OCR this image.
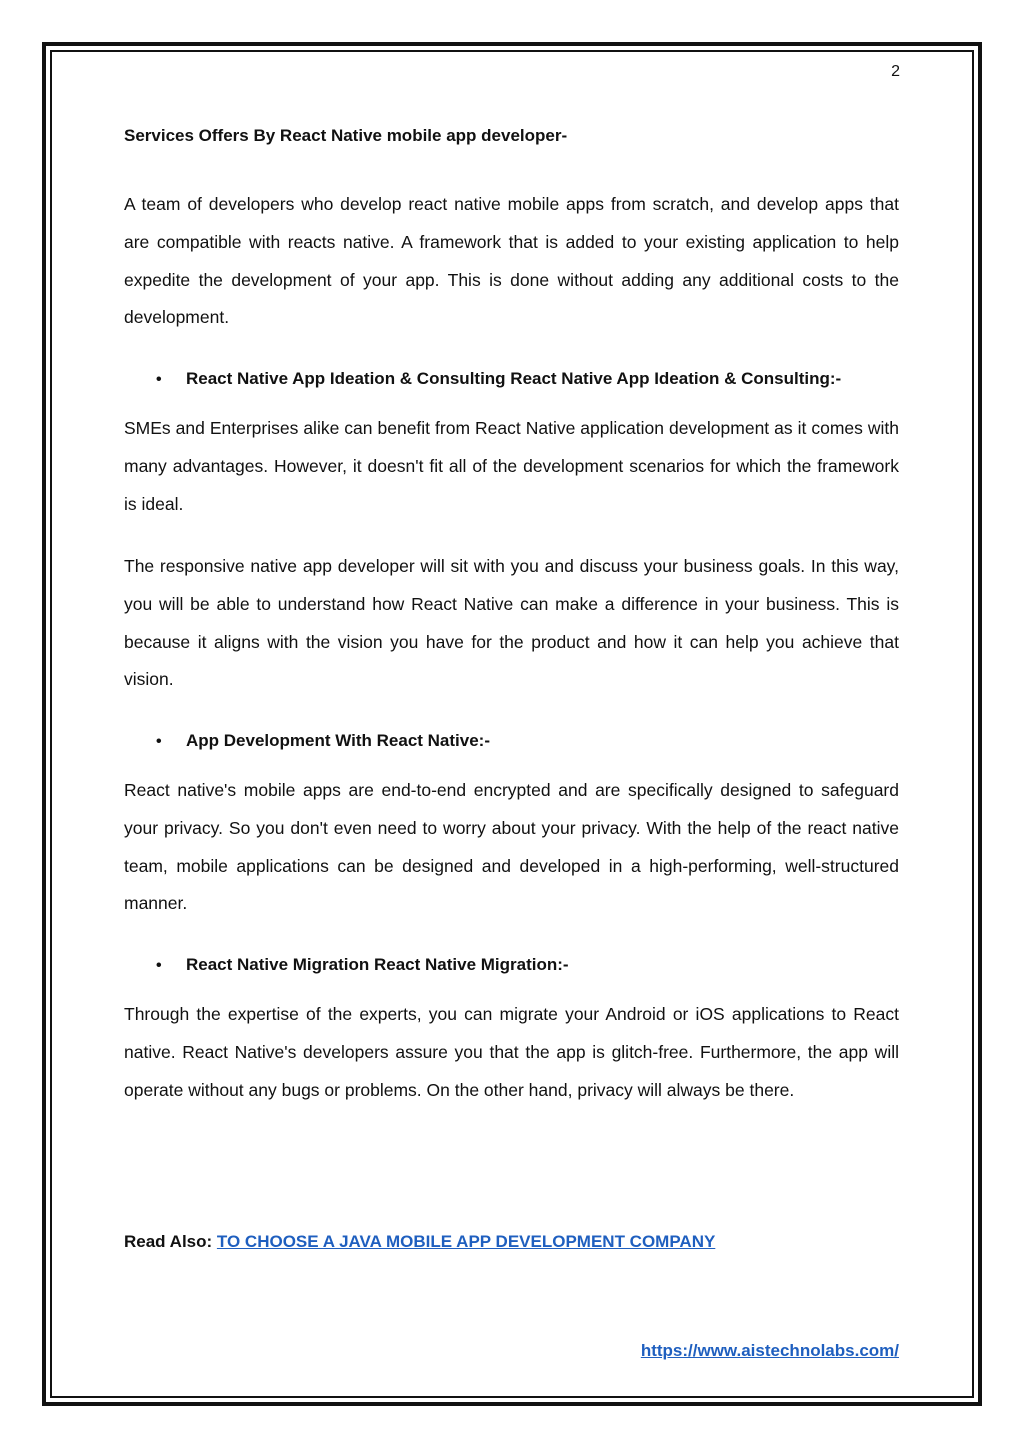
2
Services Offers By React Native mobile app developer-

A team of developers who develop react native mobile apps from scratch, and develop apps that are compatible with reacts native. A framework that is added to your existing application to help expedite the development of your app. This is done without adding any additional costs to the development.

• React Native App Ideation & Consulting React Native App Ideation & Consulting:-

SMEs and Enterprises alike can benefit from React Native application development as it comes with many advantages. However, it doesn't fit all of the development scenarios for which the framework is ideal.

The responsive native app developer will sit with you and discuss your business goals. In this way, you will be able to understand how React Native can make a difference in your business. This is because it aligns with the vision you have for the product and how it can help you achieve that vision.

• App Development With React Native:-

React native's mobile apps are end-to-end encrypted and are specifically designed to safeguard your privacy. So you don't even need to worry about your privacy. With the help of the react native team, mobile applications can be designed and developed in a high-performing, well-structured manner.

• React Native Migration React Native Migration:-

Through the expertise of the experts, you can migrate your Android or iOS applications to React native. React Native's developers assure you that the app is glitch-free. Furthermore, the app will operate without any bugs or problems. On the other hand, privacy will always be there.

Read Also: TO CHOOSE A JAVA MOBILE APP DEVELOPMENT COMPANY
https://www.aistechnolabs.com/
